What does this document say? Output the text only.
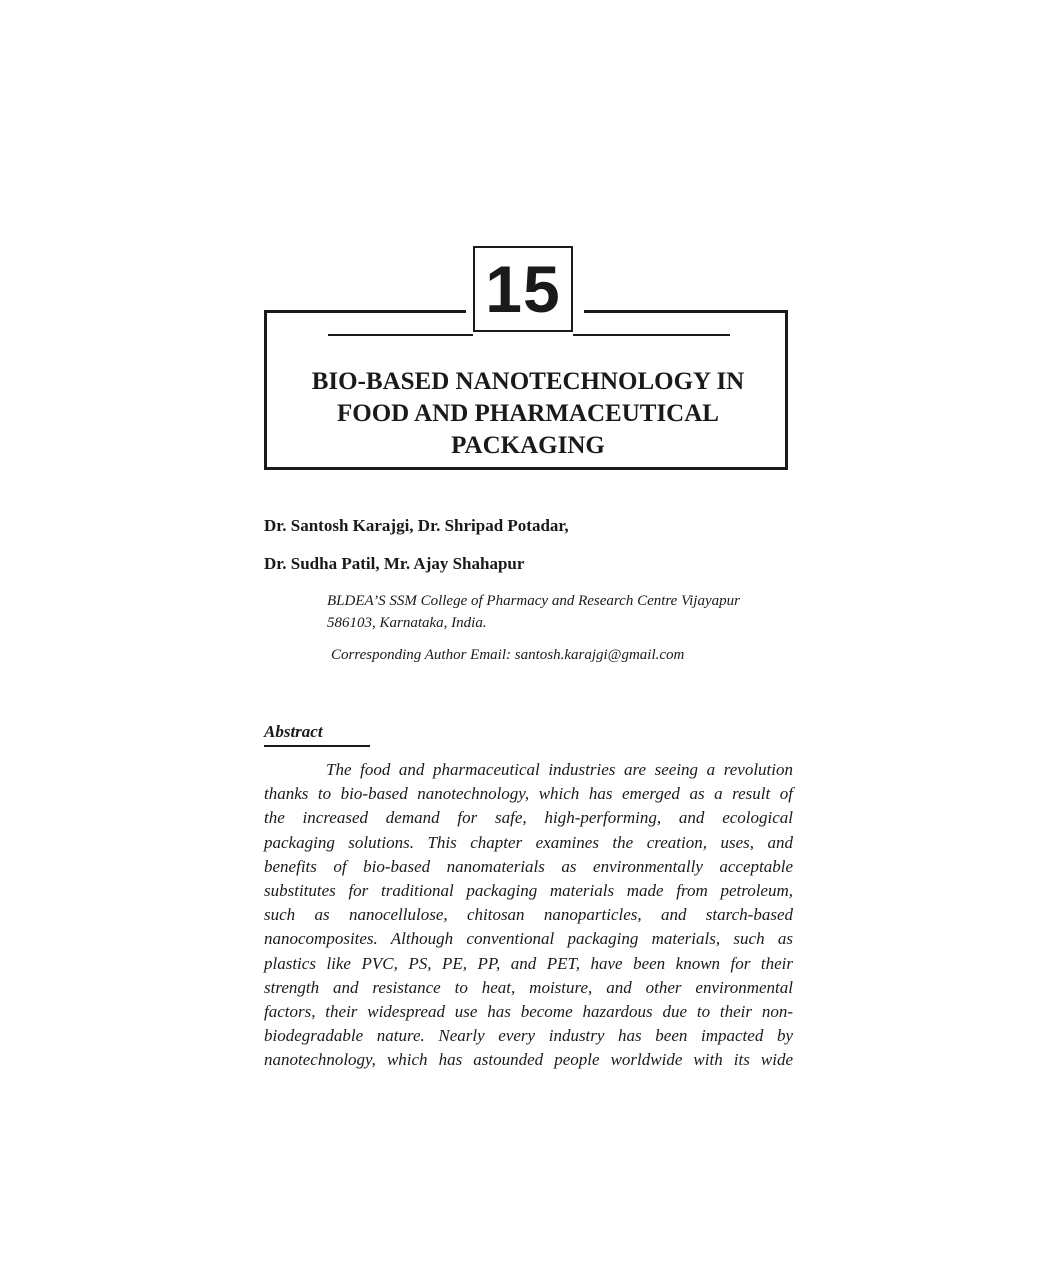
15
BIO-BASED NANOTECHNOLOGY IN
FOOD AND PHARMACEUTICAL
PACKAGING
Dr. Santosh Karajgi, Dr. Shripad Potadar,
Dr. Sudha Patil, Mr. Ajay Shahapur
BLDEA’S SSM College of Pharmacy and Research Centre Vijayapur
586103, Karnataka, India.
Corresponding Author Email: santosh.karajgi@gmail.com
Abstract
The food and pharmaceutical industries are seeing a revolution
thanks to bio-based nanotechnology, which has emerged as a result of
the increased demand for safe, high-performing, and ecological
packaging solutions. This chapter examines the creation, uses, and
benefits of bio-based nanomaterials as environmentally acceptable
substitutes for traditional packaging materials made from petroleum,
such as nanocellulose, chitosan nanoparticles, and starch-based
nanocomposites. Although conventional packaging materials, such as
plastics like PVC, PS, PE, PP, and PET, have been known for their
strength and resistance to heat, moisture, and other environmental
factors, their widespread use has become hazardous due to their non-
biodegradable nature. Nearly every industry has been impacted by
nanotechnology, which has astounded people worldwide with its wide
